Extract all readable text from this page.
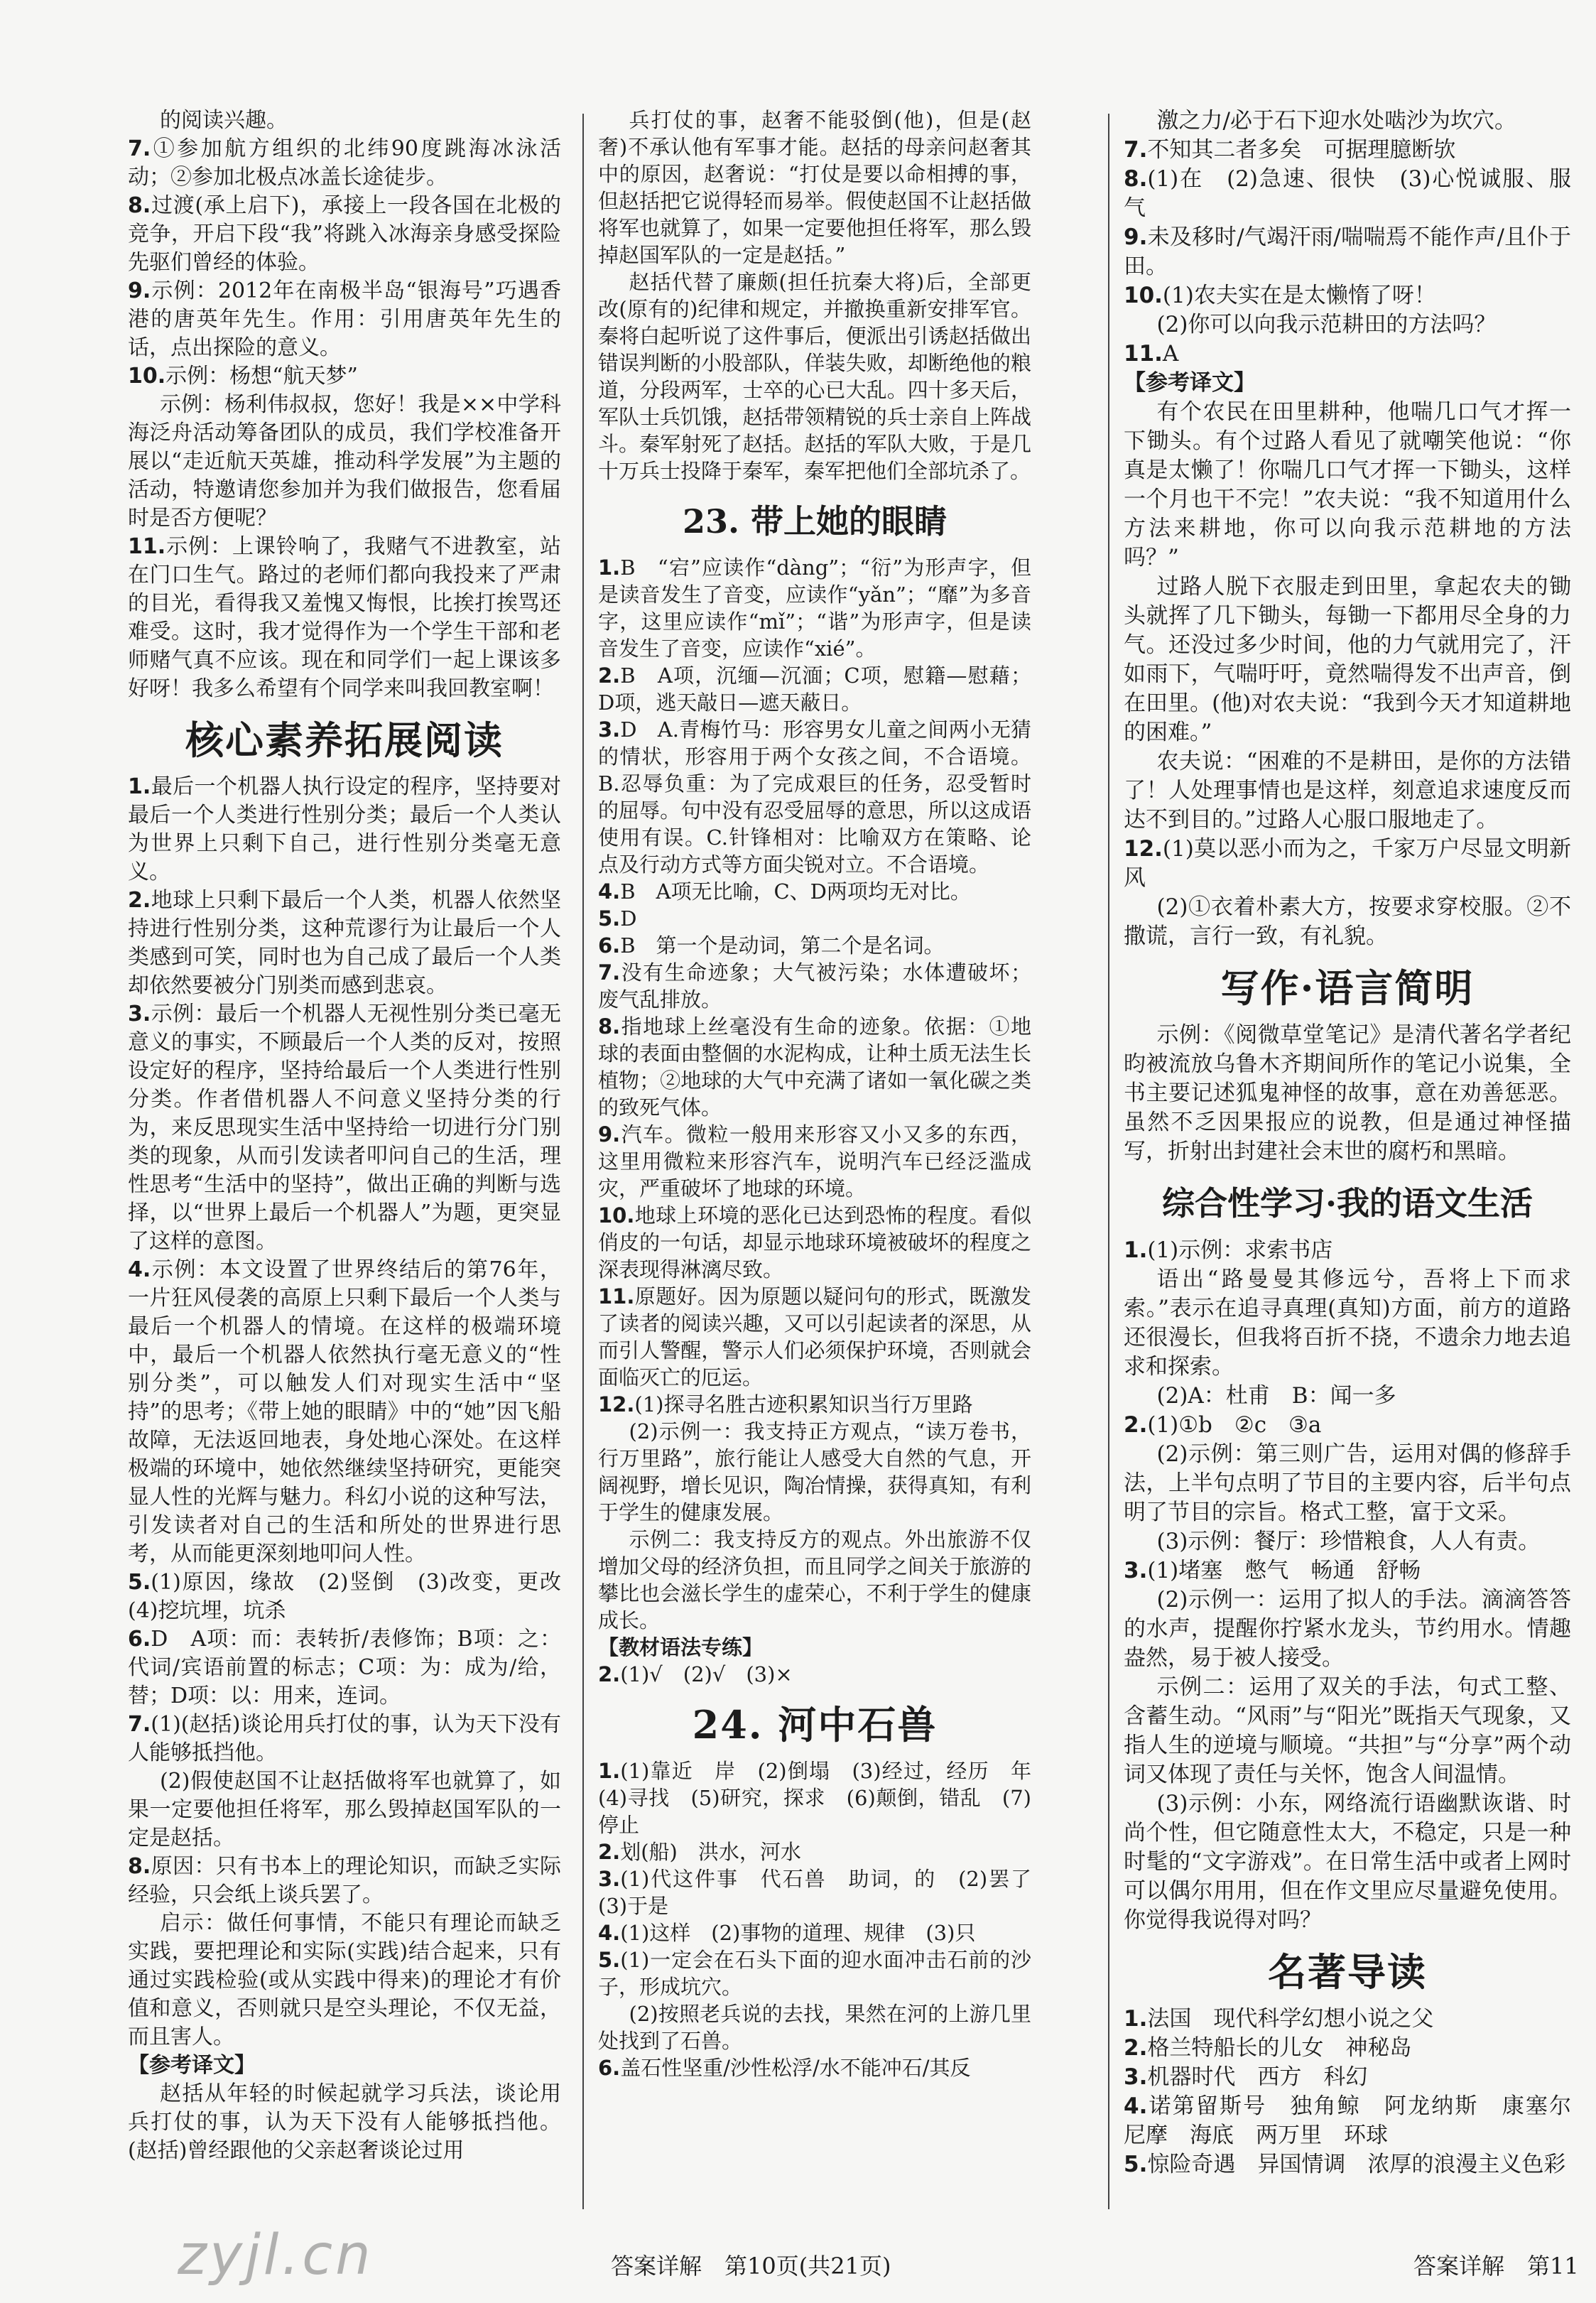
的阅读兴趣。

7.①参加航方组织的北纬90度跳海冰泳活动；②参加北极点冰盖长途徒步。

8.过渡(承上启下)，承接上一段各国在北极的竞争，开启下段“我”将跳入冰海亲身感受探险先驱们曾经的体验。

9.示例：2012年在南极半岛“银海号”巧遇香港的唐英年先生。作用：引用唐英年先生的话，点出探险的意义。

10.示例：杨想“航天梦”

示例：杨利伟叔叔，您好！我是××中学科海泛舟活动筹备团队的成员，我们学校准备开展以“走近航天英雄，推动科学发展”为主题的活动，特邀请您参加并为我们做报告，您看届时是否方便呢？

11.示例：上课铃响了，我赌气不进教室，站在门口生气。路过的老师们都向我投来了严肃的目光，看得我又羞愧又悔恨，比挨打挨骂还难受。这时，我才觉得作为一个学生干部和老师赌气真不应该。现在和同学们一起上课该多好呀！我多么希望有个同学来叫我回教室啊！

核心素养拓展阅读

1.最后一个机器人执行设定的程序，坚持要对最后一个人类进行性别分类；最后一个人类认为世界上只剩下自己，进行性别分类毫无意义。

2.地球上只剩下最后一个人类，机器人依然坚持进行性别分类，这种荒谬行为让最后一个人类感到可笑，同时也为自己成了最后一个人类却依然要被分门别类而感到悲哀。

3.示例：最后一个机器人无视性别分类已毫无意义的事实，不顾最后一个人类的反对，按照设定好的程序，坚持给最后一个人类进行性别分类。作者借机器人不问意义坚持分类的行为，来反思现实生活中坚持给一切进行分门别类的现象，从而引发读者叩问自己的生活，理性思考“生活中的坚持”，做出正确的判断与选择，以“世界上最后一个机器人”为题，更突显了这样的意图。

4.示例：本文设置了世界终结后的第76年，一片狂风侵袭的高原上只剩下最后一个人类与最后一个机器人的情境。在这样的极端环境中，最后一个机器人依然执行毫无意义的“性别分类”，可以触发人们对现实生活中“坚持”的思考；《带上她的眼睛》中的“她”因飞船故障，无法返回地表，身处地心深处。在这样极端的环境中，她依然继续坚持研究，更能突显人性的光辉与魅力。科幻小说的这种写法，引发读者对自己的生活和所处的世界进行思考，从而能更深刻地叩问人性。

5.(1)原因，缘故　(2)竖倒　(3)改变，更改　(4)挖坑埋，坑杀

6.D　A项：而：表转折/表修饰；B项：之：代词/宾语前置的标志；C项：为：成为/给，替；D项：以：用来，连词。

7.(1)(赵括)谈论用兵打仗的事，认为天下没有人能够抵挡他。

(2)假使赵国不让赵括做将军也就算了，如果一定要他担任将军，那么毁掉赵国军队的一定是赵括。

8.原因：只有书本上的理论知识，而缺乏实际经验，只会纸上谈兵罢了。

启示：做任何事情，不能只有理论而缺乏实践，要把理论和实际(实践)结合起来，只有通过实践检验(或从实践中得来)的理论才有价值和意义，否则就只是空头理论，不仅无益，而且害人。

【参考译文】

赵括从年轻的时候起就学习兵法，谈论用兵打仗的事，认为天下没有人能够抵挡他。(赵括)曾经跟他的父亲赵奢谈论过用

兵打仗的事，赵奢不能驳倒(他)，但是(赵奢)不承认他有军事才能。赵括的母亲问赵奢其中的原因，赵奢说：“打仗是要以命相搏的事，但赵括把它说得轻而易举。假使赵国不让赵括做将军也就算了，如果一定要他担任将军，那么毁掉赵国军队的一定是赵括。”

赵括代替了廉颇(担任抗秦大将)后，全部更改(原有的)纪律和规定，并撤换重新安排军官。秦将白起听说了这件事后，便派出引诱赵括做出错误判断的小股部队，佯装失败，却断绝他的粮道，分段两军，士卒的心已大乱。四十多天后，军队士兵饥饿，赵括带领精锐的兵士亲自上阵战斗。秦军射死了赵括。赵括的军队大败，于是几十万兵士投降于秦军，秦军把他们全部坑杀了。

23. 带上她的眼睛

1.B　“宕”应读作“dàng”；“衍”为形声字，但是读音发生了音变，应读作“yǎn”；“靡”为多音字，这里应读作“mǐ”；“谐”为形声字，但是读音发生了音变，应读作“xié”。

2.B　A项，沉缅—沉湎；C项，慰籍—慰藉；D项，逃天敲日—遮天蔽日。

3.D　A.青梅竹马：形容男女儿童之间两小无猜的情状，形容用于两个女孩之间，不合语境。B.忍辱负重：为了完成艰巨的任务，忍受暂时的屈辱。句中没有忍受屈辱的意思，所以这成语使用有误。C.针锋相对：比喻双方在策略、论点及行动方式等方面尖锐对立。不合语境。

4.B　A项无比喻，C、D两项均无对比。

5.D

6.B　第一个是动词，第二个是名词。

7.没有生命迹象；大气被污染；水体遭破坏；废气乱排放。

8.指地球上丝毫没有生命的迹象。依据：①地球的表面由整個的水泥构成，让种土质无法生长植物；②地球的大气中充满了诸如一氧化碳之类的致死气体。

9.汽车。微粒一般用来形容又小又多的东西，这里用微粒来形容汽车，说明汽车已经泛滥成灾，严重破坏了地球的环境。

10.地球上环境的恶化已达到恐怖的程度。看似俏皮的一句话，却显示地球环境被破坏的程度之深表现得淋漓尽致。

11.原题好。因为原题以疑问句的形式，既激发了读者的阅读兴趣，又可以引起读者的深思，从而引人警醒，警示人们必须保护环境，否则就会面临灭亡的厄运。

12.(1)探寻名胜古迹积累知识当行万里路

(2)示例一：我支持正方观点，“读万卷书，行万里路”，旅行能让人感受大自然的气息，开阔视野，增长见识，陶冶情操，获得真知，有利于学生的健康发展。

示例二：我支持反方的观点。外出旅游不仅增加父母的经济负担，而且同学之间关于旅游的攀比也会滋长学生的虚荣心，不利于学生的健康成长。

【教材语法专练】

2.(1)√　(2)√　(3)×

24. 河中石兽

1.(1)靠近　岸　(2)倒塌　(3)经过，经历　年　(4)寻找　(5)研究，探求　(6)颠倒，错乱　(7)停止

2.划(船)　洪水，河水

3.(1)代这件事　代石兽　助词，的　(2)罢了　(3)于是

4.(1)这样　(2)事物的道理、规律　(3)只

5.(1)一定会在石头下面的迎水面冲击石前的沙子，形成坑穴。

(2)按照老兵说的去找，果然在河的上游几里处找到了石兽。

6.盖石性坚重/沙性松浮/水不能冲石/其反

激之力/必于石下迎水处啮沙为坎穴。

7.不知其二者多矣　可据理臆断欤

8.(1)在　(2)急速、很快　(3)心悦诚服、服气

9.未及移时/气竭汗雨/喘喘焉不能作声/且仆于田。

10.(1)农夫实在是太懒惰了呀！

(2)你可以向我示范耕田的方法吗？

11.A

【参考译文】

有个农民在田里耕种，他喘几口气才挥一下锄头。有个过路人看见了就嘲笑他说：“你真是太懒了！你喘几口气才挥一下锄头，这样一个月也干不完！”农夫说：“我不知道用什么方法来耕地，你可以向我示范耕地的方法吗？”

过路人脱下衣服走到田里，拿起农夫的锄头就挥了几下锄头，每锄一下都用尽全身的力气。还没过多少时间，他的力气就用完了，汗如雨下，气喘吁吁，竟然喘得发不出声音，倒在田里。(他)对农夫说：“我到今天才知道耕地的困难。”

农夫说：“困难的不是耕田，是你的方法错了！人处理事情也是这样，刻意追求速度反而达不到目的。”过路人心服口服地走了。

12.(1)莫以恶小而为之，千家万户尽显文明新风

(2)①衣着朴素大方，按要求穿校服。②不撒谎，言行一致，有礼貌。

写作·语言简明

示例：《阅微草堂笔记》是清代著名学者纪昀被流放乌鲁木齐期间所作的笔记小说集，全书主要记述狐鬼神怪的故事，意在劝善惩恶。虽然不乏因果报应的说教，但是通过神怪描写，折射出封建社会末世的腐朽和黑暗。

综合性学习·我的语文生活

1.(1)示例：求索书店

语出“路曼曼其修远兮，吾将上下而求索。”表示在追寻真理(真知)方面，前方的道路还很漫长，但我将百折不挠，不遗余力地去追求和探索。

(2)A：杜甫　B：闻一多

2.(1)①b　②c　③a

(2)示例：第三则广告，运用对偶的修辞手法，上半句点明了节目的主要内容，后半句点明了节目的宗旨。格式工整，富于文采。

(3)示例：餐厅：珍惜粮食，人人有责。

3.(1)堵塞　憋气　畅通　舒畅

(2)示例一：运用了拟人的手法。滴滴答答的水声，提醒你拧紧水龙头，节约用水。情趣盎然，易于被人接受。

示例二：运用了双关的手法，句式工整、含蓄生动。“风雨”与“阳光”既指天气现象，又指人生的逆境与顺境。“共担”与“分享”两个动词又体现了责任与关怀，饱含人间温情。

(3)示例：小东，网络流行语幽默诙谐、时尚个性，但它随意性太大，不稳定，只是一种时髦的“文字游戏”。在日常生活中或者上网时可以偶尔用用，但在作文里应尽量避免使用。你觉得我说得对吗？

名著导读

1.法国　现代科学幻想小说之父

2.格兰特船长的儿女　神秘岛

3.机器时代　西方　科幻

4.诺第留斯号　独角鲸　阿龙纳斯　康塞尔　尼摩　海底　两万里　环球

5.惊险奇遇　异国情调　浓厚的浪漫主义色彩

答案详解　 第10页(共21页)	答案详解　 第11
zyjl.cn
